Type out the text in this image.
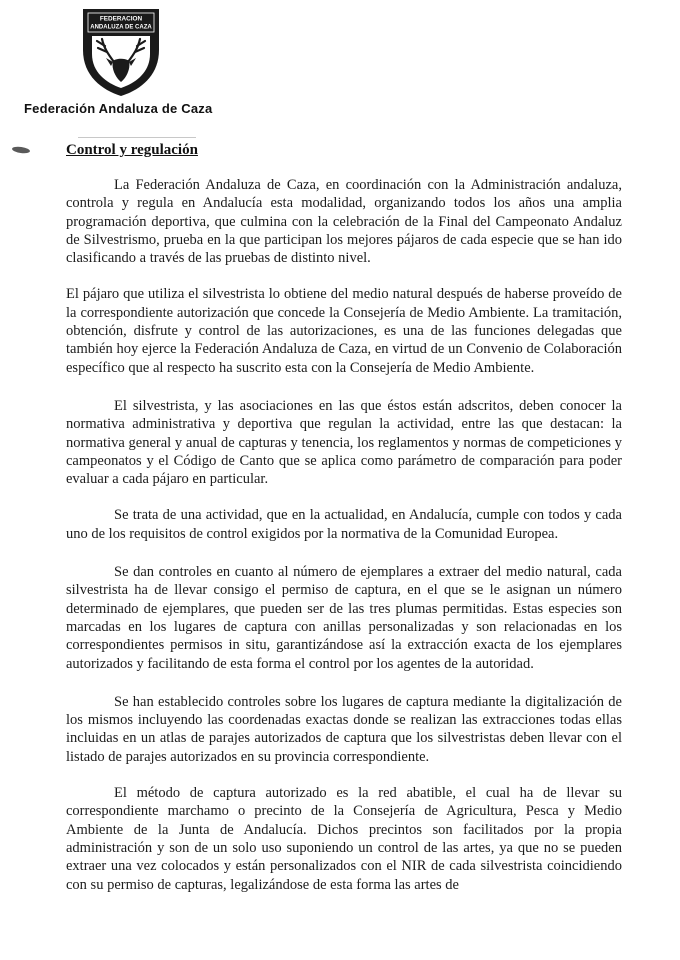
FEDERACION
ANDALUZA DE CAZA
Federación Andaluza de Caza
Control y regulación

La Federación Andaluza de Caza, en coordinación con la Administración andaluza, controla y regula en Andalucía esta modalidad, organizando todos los años una amplia programación deportiva, que culmina con la celebración de la Final del Campeonato Andaluz de Silvestrismo, prueba en la que participan los mejores pájaros de cada especie que se han ido clasificando a través de las pruebas de distinto nivel.

El pájaro que utiliza el silvestrista lo obtiene del medio natural después de haberse proveído de la correspondiente autorización que concede la Consejería de Medio Ambiente. La tramitación, obtención, disfrute y control de las autorizaciones, es una de las funciones delegadas que también hoy ejerce la Federación Andaluza de Caza, en virtud de un Convenio de Colaboración específico que al respecto ha suscrito esta con la Consejería de Medio Ambiente.

El silvestrista, y las asociaciones en las que éstos están adscritos, deben conocer la normativa administrativa y deportiva que regulan la actividad, entre las que destacan: la normativa general y anual de capturas y tenencia, los reglamentos y normas de competiciones y campeonatos y el Código de Canto que se aplica como parámetro de comparación para poder evaluar a cada pájaro en particular.

Se trata de una actividad, que en la actualidad, en Andalucía, cumple con todos y cada uno de los requisitos de control exigidos por la normativa de la Comunidad Europea.

Se dan controles en cuanto al número de ejemplares a extraer del medio natural, cada silvestrista ha de llevar consigo el permiso de captura, en el que se le asignan un número determinado de ejemplares, que pueden ser de las tres plumas permitidas. Estas especies son marcadas en los lugares de captura con anillas personalizadas y son relacionadas en los correspondientes permisos in situ, garantizándose así la extracción exacta de los ejemplares autorizados y facilitando de esta forma el control por los agentes de la autoridad.

Se han establecido controles sobre los lugares de captura mediante la digitalización de los mismos incluyendo las coordenadas exactas donde se realizan las extracciones todas ellas incluidas en un atlas de parajes autorizados de captura que los silvestristas deben llevar con el listado de parajes autorizados en su provincia correspondiente.

El método de captura autorizado es la red abatible, el cual ha de llevar su correspondiente marchamo o precinto de la Consejería de Agricultura, Pesca y Medio Ambiente de la Junta de Andalucía. Dichos precintos son facilitados por la propia administración y son de un solo uso suponiendo un control de las artes, ya que no se pueden extraer una vez colocados y están personalizados con el NIR de cada silvestrista coincidiendo con su permiso de capturas, legalizándose de esta forma las artes de
